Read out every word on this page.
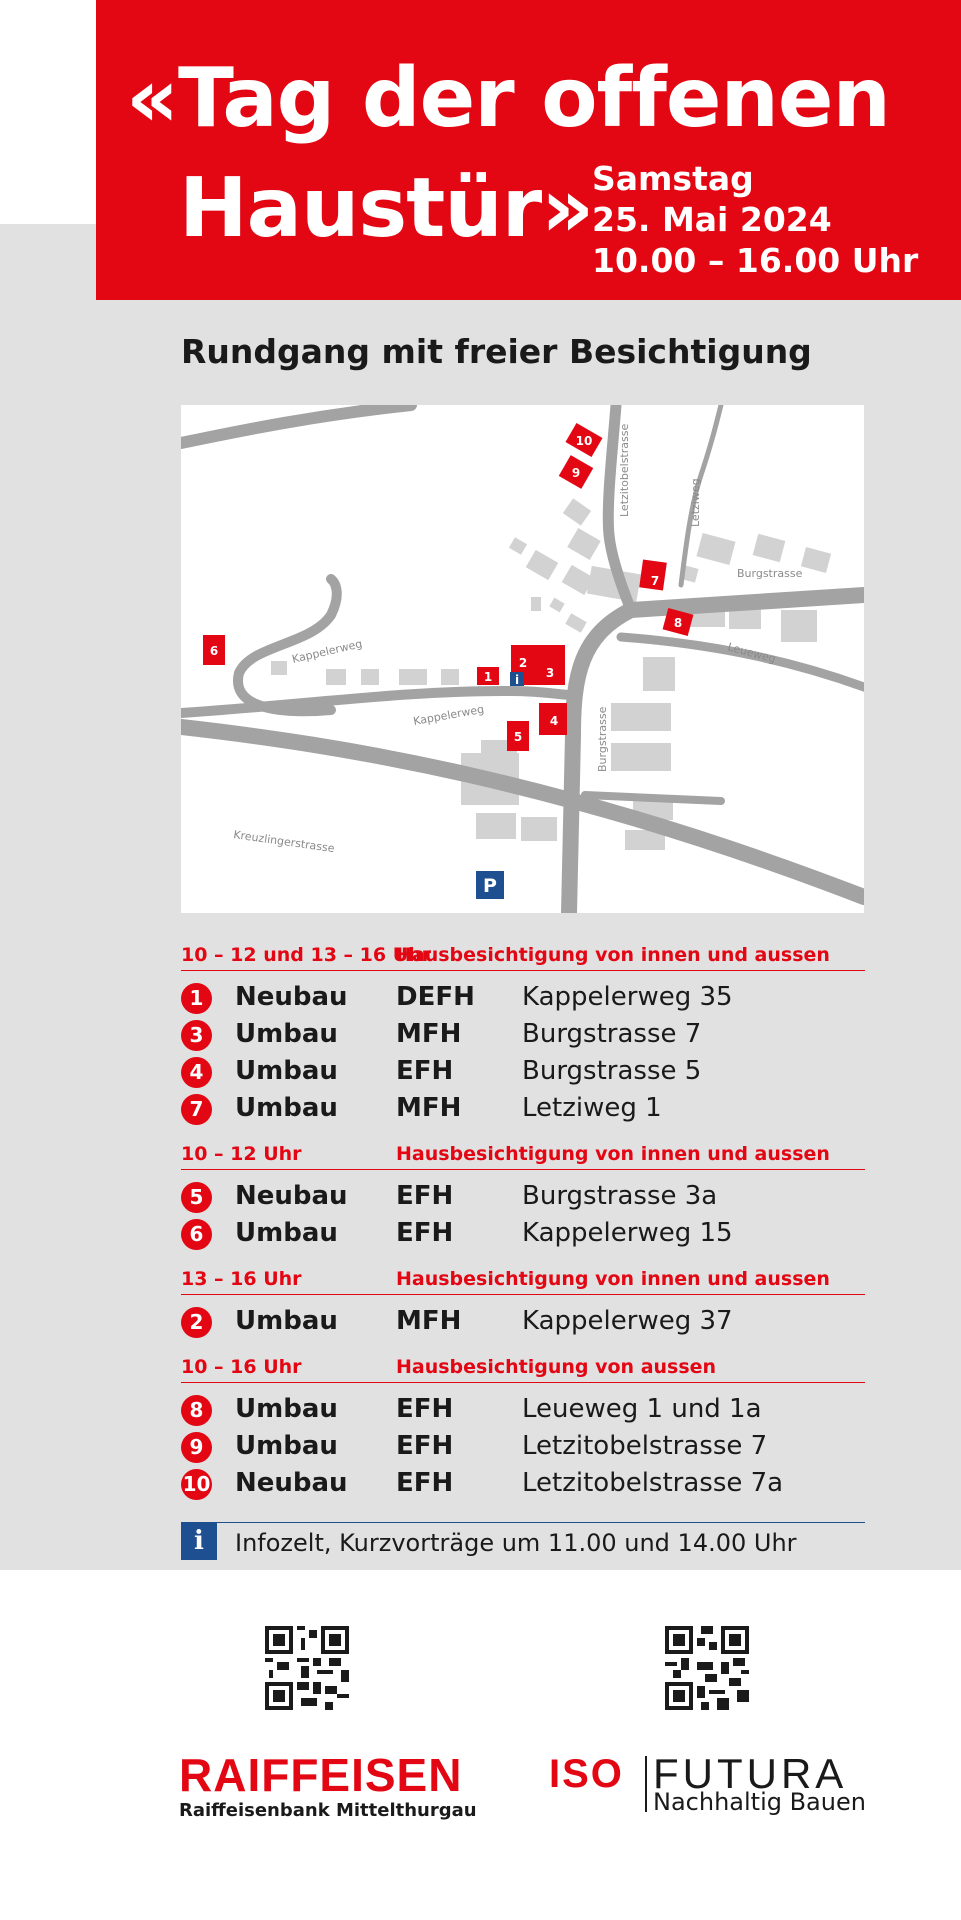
«Tag der offenen
Haustür»
Samstag
25. Mai 2024
10.00 – 16.00 Uhr
Rundgang mit freier Besichtigung
Letzitobelstrasse	Letziweg
Burgstrasse
Leueweg
Kappelerweg
Kappelerweg	Burgstrasse
Kreuzlingerstrasse
1
2
3
4
5
6
7
8
9
10
i
P
10 – 12 und 13 – 16 Uhr
Hausbesichtigung von innen und aussen
1	Neubau DEFH Kappelerweg 35
3	Umbau MFH Burgstrasse 7
4	Umbau EFH	Burgstrasse 5
7	Umbau MFH Letziweg 1
10 – 12 Uhr	Hausbesichtigung von innen und aussen
5	Neubau EFH	Burgstrasse 3a
6	Umbau EFH	Kappelerweg 15
13 – 16 Uhr	Hausbesichtigung von innen und aussen
2	Umbau MFH Kappelerweg 37
10 – 16 Uhr	Hausbesichtigung von aussen
8	Umbau EFH	Leueweg 1 und 1a
9	Umbau EFH	Letzitobelstrasse 7
10 Neubau EFH	Letzitobelstrasse 7a
i	Infozelt, Kurzvorträge um 11.00 und 14.00 Uhr
RAIFFEISEN
Raiffeisenbank Mittelthurgau
ISO FUTURA
Nachhaltig Bauen
